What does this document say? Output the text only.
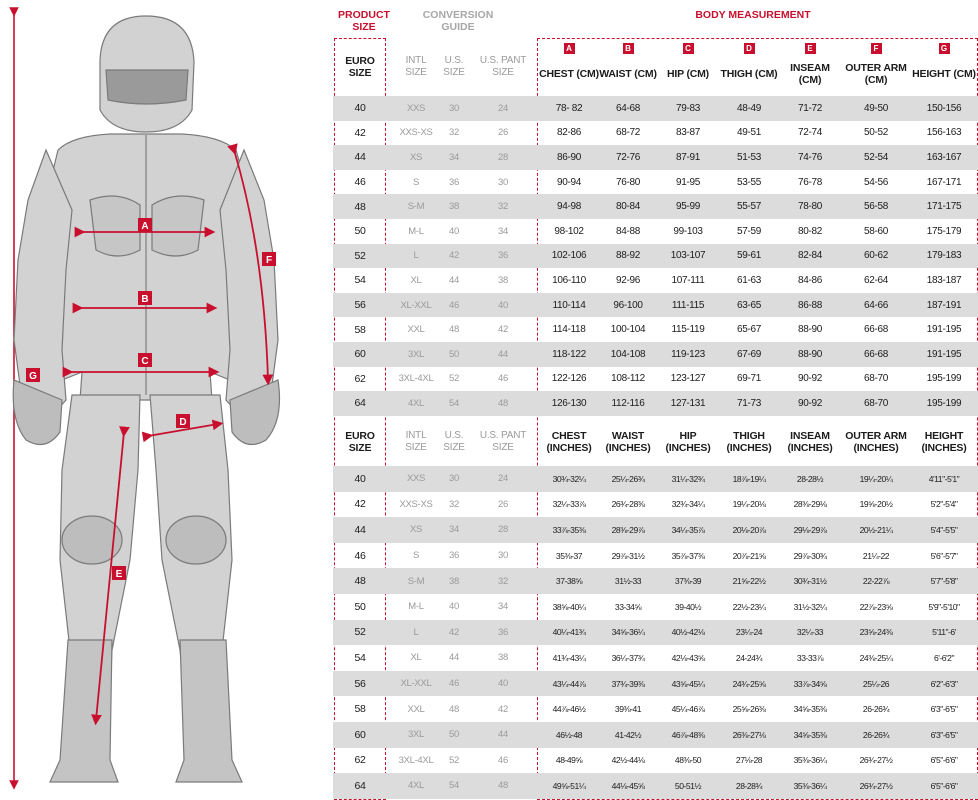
A
B
C
D
E
F
G
PRODUCT SIZE
CONVERSION GUIDE
BODY MEASUREMENT
EURO SIZE
INTL SIZE
U.S. SIZE
U.S. PANT SIZE
A
CHEST (CM)
B
WAIST (CM)
C
HIP (CM)
D
THIGH (CM)
E
INSEAM (CM)
F
OUTER ARM (CM)
G
HEIGHT (CM)
40	XXS	30	24	78- 82	64-68	79-83	48-49	71-72	49-50	150-156
42	XXS-XS	32	26	82-86	68-72	83-87	49-51	72-74	50-52	156-163
44	XS	34	28	86-90	72-76	87-91	51-53	74-76	52-54	163-167
46	S	36	30	90-94	76-80	91-95	53-55	76-78	54-56	167-171
48	S-M	38	32	94-98	80-84	95-99	55-57	78-80	56-58	171-175
50	M-L	40	34	98-102	84-88	99-103	57-59	80-82	58-60	175-179
52	L	42	36	102-106	88-92	103-107	59-61	82-84	60-62	179-183
54	XL	44	38	106-110	92-96	107-111	61-63	84-86	62-64	183-187
56	XL-XXL	46	40	110-114	96-100	111-115	63-65	86-88	64-66	187-191
58	XXL	48	42	114-118	100-104	115-119	65-67	88-90	66-68	191-195
60	3XL	50	44	118-122	104-108	119-123	67-69	88-90	66-68	191-195
62	3XL-4XL	52	46	122-126	108-112	123-127	69-71	90-92	68-70	195-199
64	4XL	54	48	126-130	112-116	127-131	71-73	90-92	68-70	195-199
EURO SIZE
INTL SIZE
U.S. SIZE
U.S. PANT SIZE
CHEST (INCHES)
WAIST (INCHES)
HIP (INCHES)
THIGH (INCHES)
INSEAM (INCHES)
OUTER ARM (INCHES)
HEIGHT (INCHES)
40	XXS	30	24	30¾-32¼	25¼-26¾	31¼-32¾	18⅞-19¼	28-28½	19¼-20¼	4'11"-5'1"
42	XXS-XS	32	26	32¼-33⅞	26¾-28⅜	32¾-34¼	19¼-20⅛	28⅜-29⅛	19⅝-20½	5'2"-5'4"
44	XS	34	28	33⅞-35⅜	28⅜-29⅞	34¼-35⅞	20⅛-20⅞	29⅛-29⅞	20½-21¼	5'4"-5'5"
46	S	36	30	35⅜-37	29⅞-31½	35⅞-37⅜	20⅞-21⅝	29⅞-30¾	21¼-22	5'6"-5'7"
48	S-M	38	32	37-38⅝	31½-33	37⅜-39	21⅝-22½	30¾-31½	22-22⅞	5'7"-5'8"
50	M-L	40	34	38⅝-40¼	33-34⅝	39-40½	22½-23¼	31½-32¼	22⅞-23⅝	5'9"-5'10"
52	L	42	36	40¼-41¾	34⅝-36¼	40½-42⅛	23¼-24	32¼-33	23⅝-24⅜	5'11"-6'
54	XL	44	38	41¾-43¼	36¼-37¾	42⅛-43⅝	24-24¾	33-33⅞	24⅜-25¼	6'-6'2"
56	XL-XXL	46	40	43¼-44⅞	37¾-39⅜	43⅝-45¼	24¾-25⅝	33⅞-34⅝	25¼-26	6'2"-6'3"
58	XXL	48	42	44⅞-46½	39⅜-41	45¼-46⅞	25⅝-26⅜	34⅝-35⅜	26-26¾	6'3"-6'5"
60	3XL	50	44	46½-48	41-42½	46⅞-48⅜	26⅜-27⅛	34⅝-35⅜	26-26¾	6'3"-6'5"
62	3XL-4XL	52	46	48-49⅝	42½-44⅛	48⅜-50	27⅛-28	35⅜-36¼	26¾-27½	6'5"-6'6"
64	4XL	54	48	49⅝-51¼	44⅛-45⅝	50-51½	28-28¾	35⅜-36¼	26¾-27½	6'5"-6'6"
